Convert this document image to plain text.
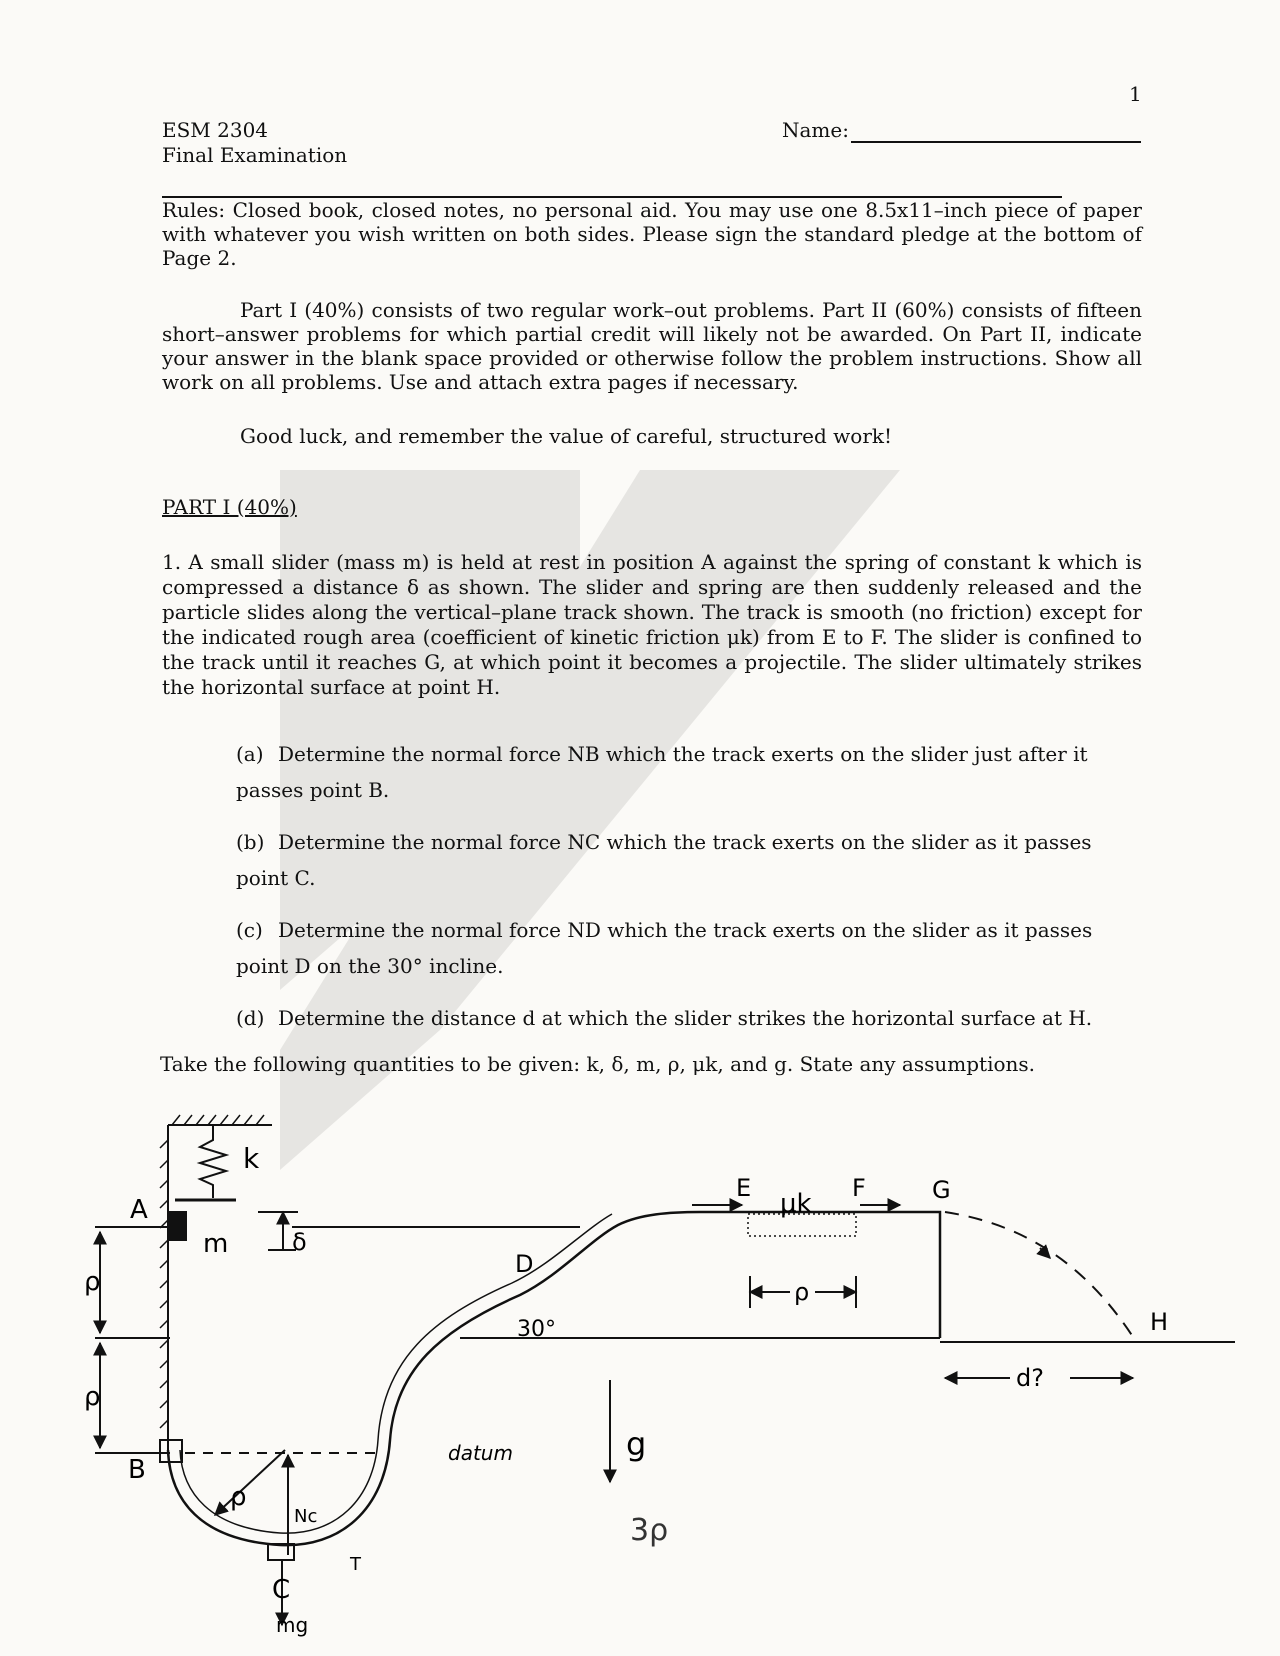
1
ESM 2304
Final Examination
Name:
Rules: Closed book, closed notes, no personal aid. You may use one 8.5x11–inch piece of paper with whatever you wish written on both sides. Please sign the standard pledge at the bottom of Page 2.
Part I (40%) consists of two regular work–out problems. Part II (60%) consists of fifteen short–answer problems for which partial credit will likely not be awarded. On Part II, indicate your answer in the blank space provided or otherwise follow the problem instructions. Show all work on all problems. Use and attach extra pages if necessary.
Good luck, and remember the value of careful, structured work!
PART I (40%)
1. A small slider (mass m) is held at rest in position A against the spring of constant k which is compressed a distance δ as shown. The slider and spring are then suddenly released and the particle slides along the vertical–plane track shown. The track is smooth (no friction) except for the indicated rough area (coefficient of kinetic friction μk) from E to F. The slider is confined to the track until it reaches G, at which point it becomes a projectile. The slider ultimately strikes the horizontal surface at point H.
(a) Determine the normal force NB which the track exerts on the slider just after it passes point B.
(b) Determine the normal force NC which the track exerts on the slider as it passes point C.
(c) Determine the normal force ND which the track exerts on the slider as it passes point D on the 30° incline.
(d) Determine the distance d at which the slider strikes the horizontal surface at H.
Take the following quantities to be given: k, δ, m, ρ, μk, and g. State any assumptions.
A
k
m	δ
ρ
ρ
B
C
ρ
D
30°
E
μk
F	G
ρ
H
d?
g
datum
Nc
T
mg
3ρ
